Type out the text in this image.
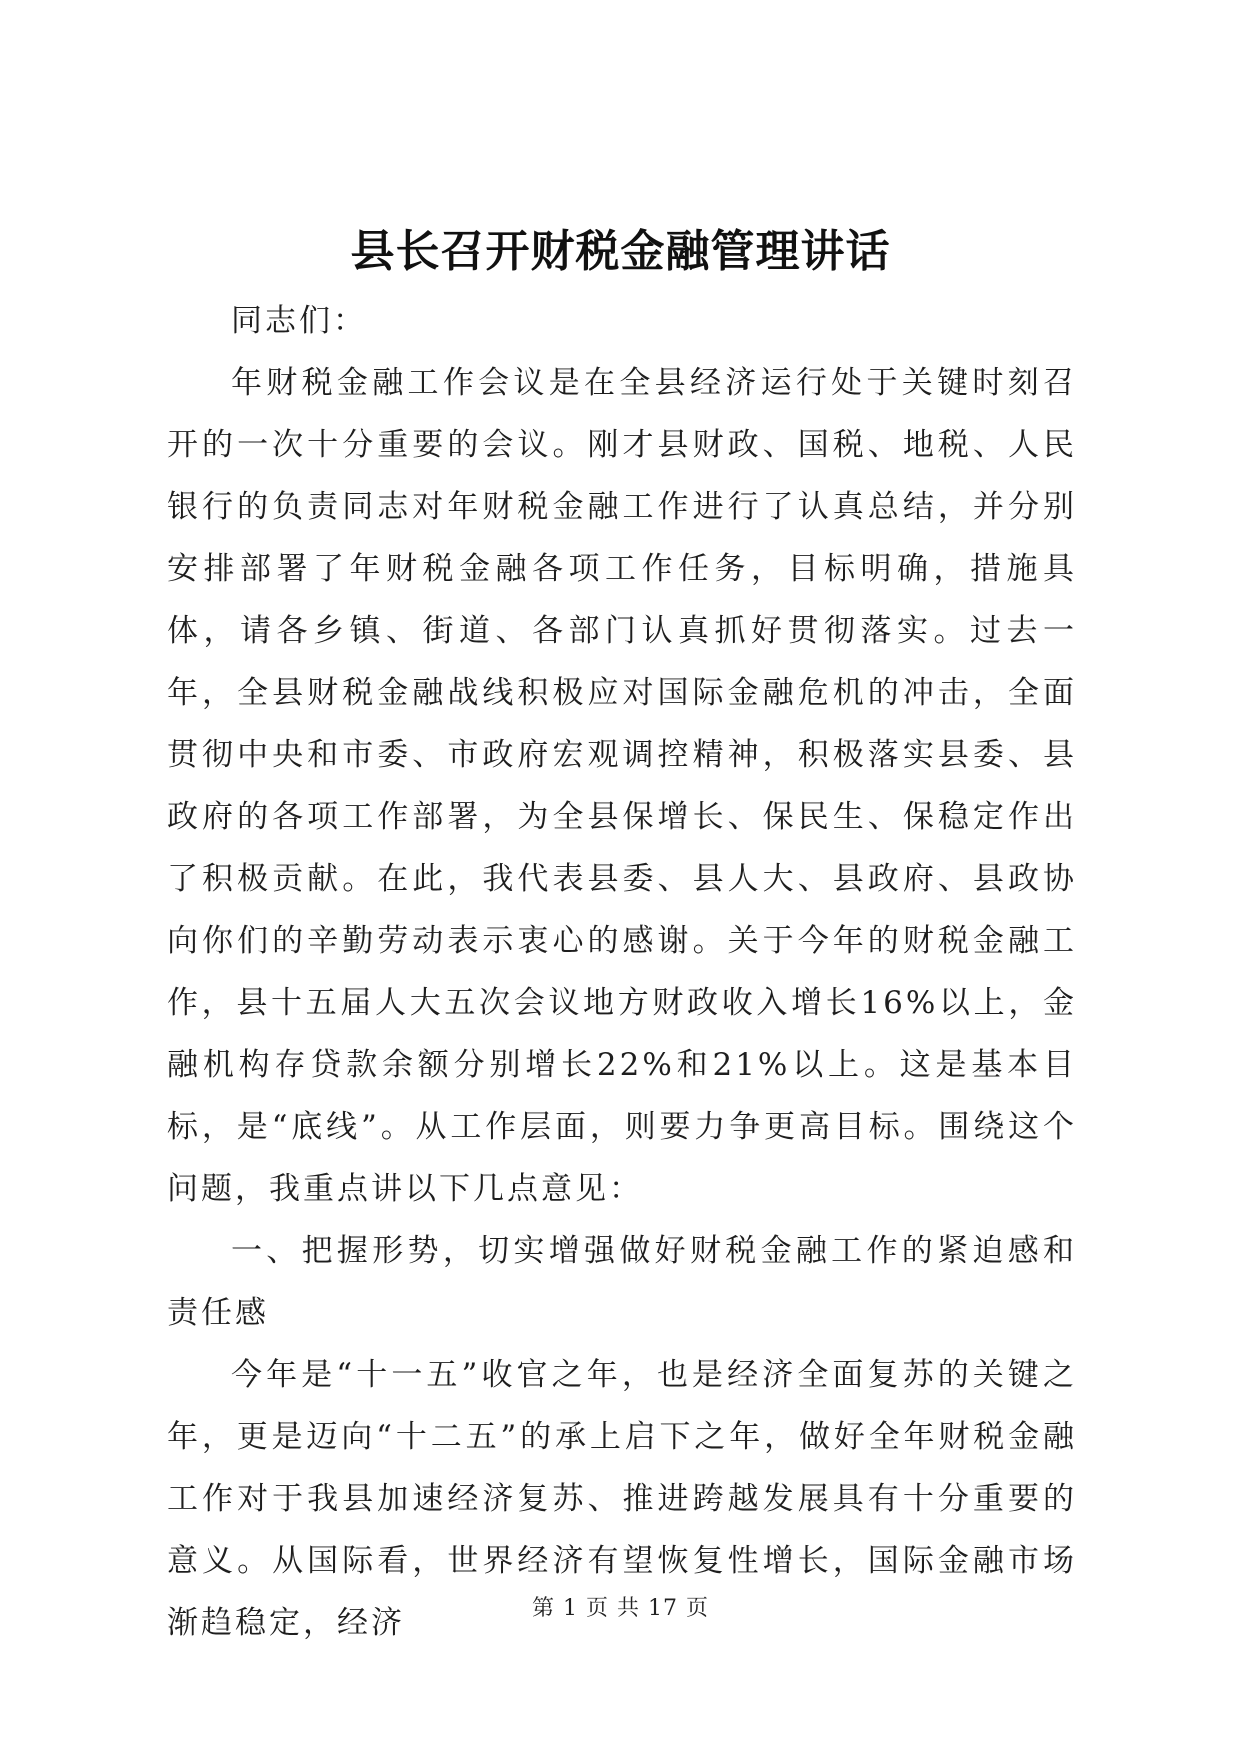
县长召开财税金融管理讲话

同志们：

年财税金融工作会议是在全县经济运行处于关键时刻召开的一次十分重要的会议。刚才县财政、国税、地税、人民银行的负责同志对年财税金融工作进行了认真总结，并分别安排部署了年财税金融各项工作任务，目标明确，措施具体，请各乡镇、街道、各部门认真抓好贯彻落实。过去一年，全县财税金融战线积极应对国际金融危机的冲击，全面贯彻中央和市委、市政府宏观调控精神，积极落实县委、县政府的各项工作部署，为全县保增长、保民生、保稳定作出了积极贡献。在此，我代表县委、县人大、县政府、县政协向你们的辛勤劳动表示衷心的感谢。关于今年的财税金融工作，县十五届人大五次会议地方财政收入增长16%以上，金融机构存贷款余额分别增长22%和21%以上。这是基本目标，是“底线”。从工作层面，则要力争更高目标。围绕这个问题，我重点讲以下几点意见：

一、把握形势，切实增强做好财税金融工作的紧迫感和责任感

今年是“十一五”收官之年，也是经济全面复苏的关键之年，更是迈向“十二五”的承上启下之年，做好全年财税金融工作对于我县加速经济复苏、推进跨越发展具有十分重要的意义。从国际看，世界经济有望恢复性增长，国际金融市场渐趋稳定，经济	第 1 页 共 17 页
